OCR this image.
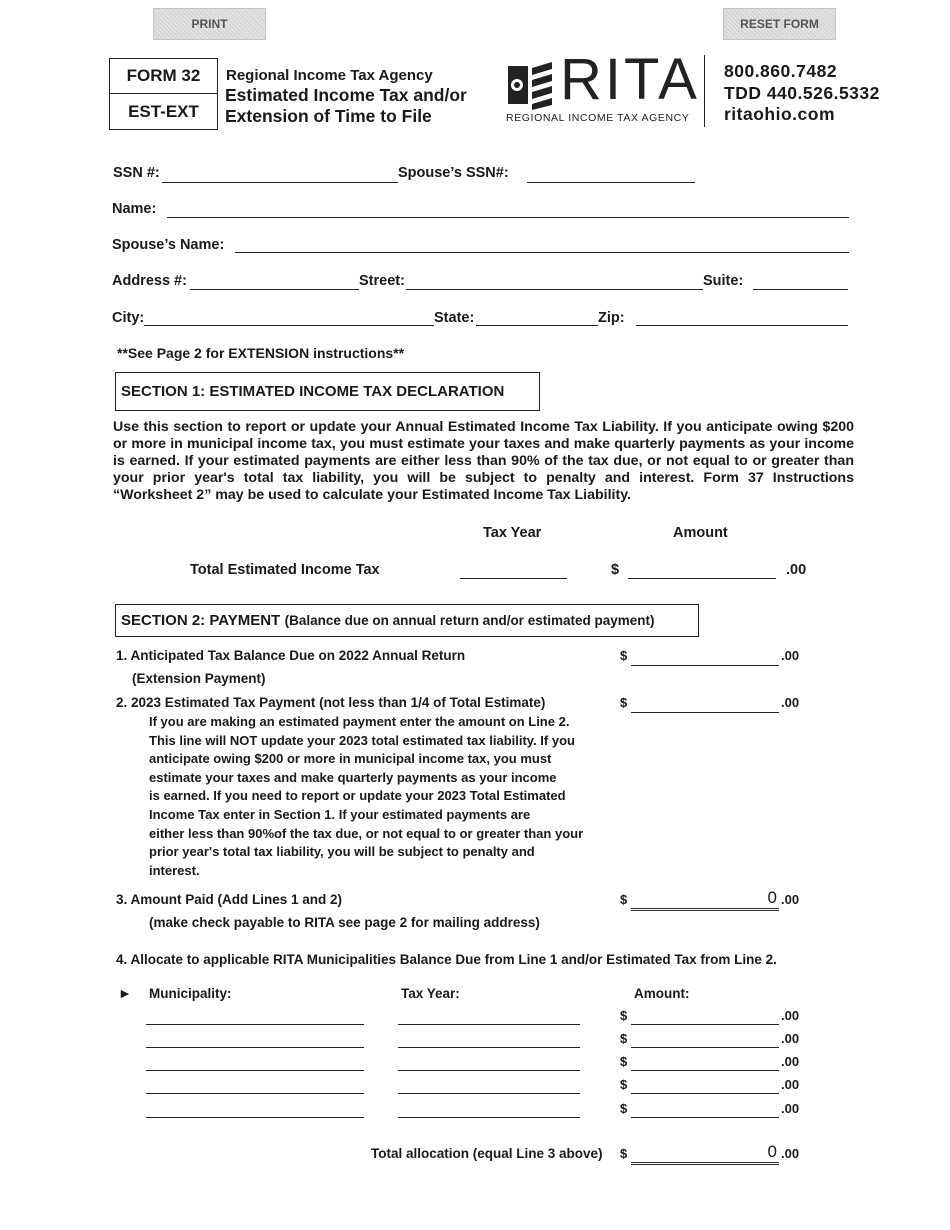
PRINT	RESET FORM
FORM 32
EST-EXT
Regional Income Tax Agency
Estimated Income Tax and/or
Extension of Time to File
RITA
REGIONAL INCOME TAX AGENCY
800.860.7482
TDD 440.526.5332
ritaohio.com
SSN #:	Spouse’s SSN#:
Name:
Spouse’s Name:
Address #:	Street:	Suite:
City:	State:	Zip:
**See Page 2 for EXTENSION instructions**
SECTION 1: ESTIMATED INCOME TAX DECLARATION
Use this section to report or update your Annual Estimated Income Tax Liability. If you anticipate owing $200 or more in municipal income tax, you must estimate your taxes and make quarterly payments as your income is earned. If your estimated payments are either less than 90% of the tax due, or not equal to or greater than your prior year's total tax liability, you will be subject to penalty and interest. Form 37 Instructions “Worksheet 2” may be used to calculate your Estimated Income Tax Liability.
Tax Year	Amount
Total Estimated Income Tax	$	.00
SECTION 2: PAYMENT (Balance due on annual return and/or estimated payment)
1. Anticipated Tax Balance Due on 2022 Annual Return
(Extension Payment)
$	.00
2. 2023 Estimated Tax Payment (not less than 1/4 of Total Estimate)	$	.00
If you are making an estimated payment enter the amount on Line 2.
This line will NOT update your 2023 total estimated tax liability. If you
anticipate owing $200 or more in municipal income tax, you must
estimate your taxes and make quarterly payments as your income
is earned. If you need to report or update your 2023 Total Estimated
Income Tax enter in Section 1. If your estimated payments are
either less than 90%of the tax due, or not equal to or greater than your
prior year's total tax liability, you will be subject to penalty and
interest.
3. Amount Paid (Add Lines 1 and 2)
(make check payable to RITA see page 2 for mailing address)
$	0 .00
4. Allocate to applicable RITA Municipalities Balance Due from Line 1 and/or Estimated Tax from Line 2.
► Municipality:	Tax Year:	Amount:
$	.00
$	.00
$	.00
$	.00
$	.00
Total allocation (equal Line 3 above) $	0 .00
